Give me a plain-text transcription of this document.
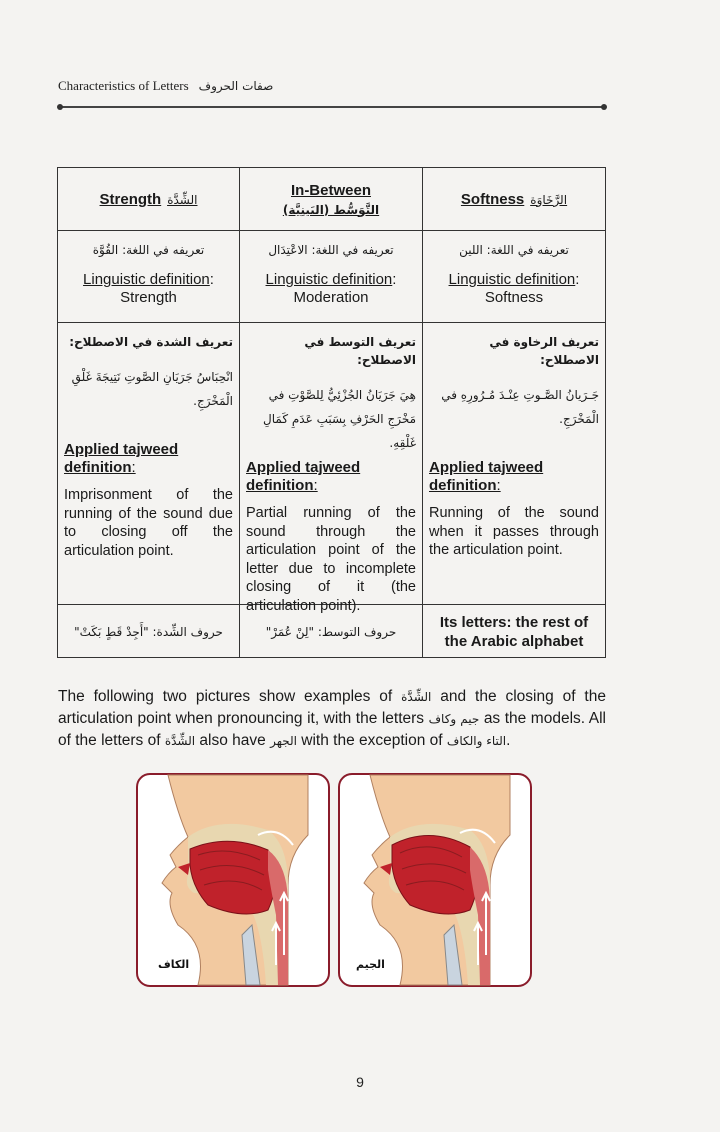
Characteristics of Letters صفات الحروف
Strength الشِّدَّة
In-Between
التَّوَسُّط (البَينِيَّة)
Softness الرَّخَاوَة
تعريفه في اللغة: القُوَّة
Linguistic definition:
Strength
تعريفه في اللغة: الاعْتِدَال
Linguistic definition:
Moderation
تعريفه في اللغة: اللين
Linguistic definition:
Softness
تعريف الشدة في الاصطلاح:
انْحِبَاسُ جَرَيَانِ الصَّوتِ نَتِيجَةَ غَلْقِ الْمَخْرَجِ.
Applied tajweed definition:
Imprisonment of the running of the sound due to closing off the articulation point.
تعريف التوسط في الاصطلاح:
هِيَ جَرَيَانُ الجُزْئِيُّ لِلصَّوْتِ في مَخْرَجِ الحَرْفِ بِسَبَبِ عَدَمِ كَمَالِ غَلْقِهِ.
Applied tajweed definition:
Partial running of the sound through the articulation point of the letter due to incomplete closing of it (the articulation point).
تعريف الرخاوة في الاصطلاح:
جَـرَيانُ الصَّـوتِ عِنْـدَ مُـرُورِهِ في الْمَخْرَجِ.
Applied tajweed definition:
Running of the sound when it passes through the articulation point.
حروف الشِّدة: "أَجِدْ قَطٍ بَكَتْ"	حروف التوسط: "لِنْ عُمَرْ"
Its letters: the rest of the Arabic alphabet
The following two pictures show examples of الشِّدَّة and the closing of the articulation point when pronouncing it, with the letters جيم وكاف as the models. All of the letters of الشِّدَّة also have الجهر with the exception of التاء والكاف.
الكاف	الجيم
9
